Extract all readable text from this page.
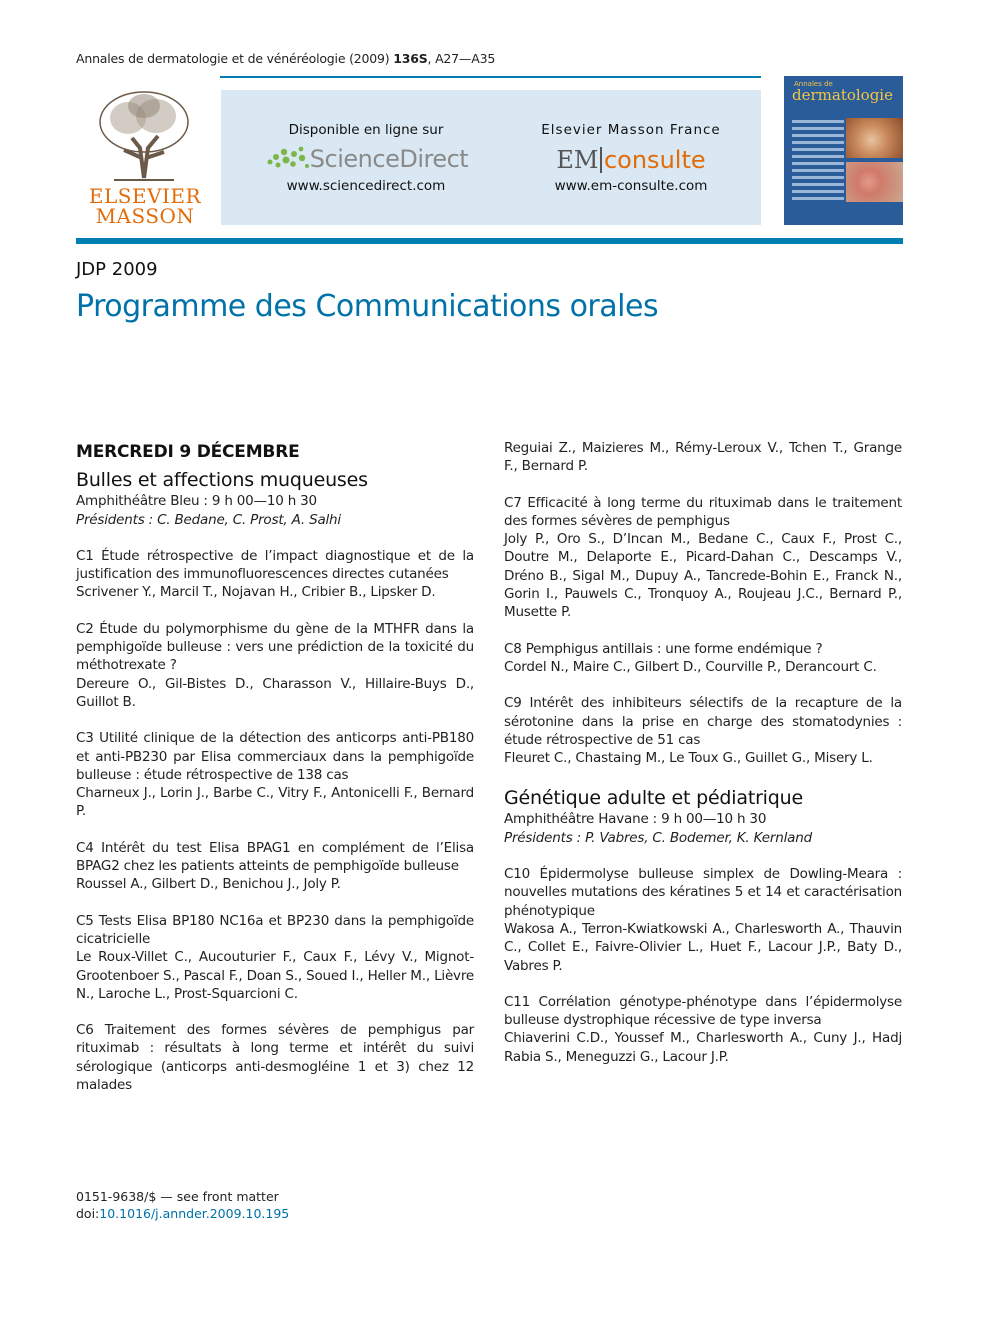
Annales de dermatologie et de vénéréologie (2009) 136S, A27—A35
ELSEVIER
MASSON
Disponible en ligne sur
ScienceDirect
www.sciencedirect.com
Elsevier Masson France
EM consulte
www.em-consulte.com
Annales de
dermatologie
JDP 2009
Programme des Communications orales
MERCREDI 9 DÉCEMBRE
Bulles et affections muqueuses
Amphithéâtre Bleu : 9 h 00—10 h 30
Présidents : C. Bedane, C. Prost, A. Salhi

C1 Étude rétrospective de l’impact diagnostique et de la justification des immunofluorescences directes cutanées

Scrivener Y., Marcil T., Nojavan H., Cribier B., Lipsker D.

C2 Étude du polymorphisme du gène de la MTHFR dans la pemphigoïde bulleuse : vers une prédiction de la toxicité du méthotrexate ?

Dereure O., Gil-Bistes D., Charasson V., Hillaire-Buys D., Guillot B.

C3 Utilité clinique de la détection des anticorps anti-PB180 et anti-PB230 par Elisa commerciaux dans la pemphigoïde bulleuse : étude rétrospective de 138 cas

Charneux J., Lorin J., Barbe C., Vitry F., Antonicelli F., Bernard P.

C4 Intérêt du test Elisa BPAG1 en complément de l’Elisa BPAG2 chez les patients atteints de pemphigoïde bulleuse

Roussel A., Gilbert D., Benichou J., Joly P.

C5 Tests Elisa BP180 NC16a et BP230 dans la pemphigoïde cicatricielle

Le Roux-Villet C., Aucouturier F., Caux F., Lévy V., Mignot-Grootenboer S., Pascal F., Doan S., Soued I., Heller M., Lièvre N., Laroche L., Prost-Squarcioni C.

C6 Traitement des formes sévères de pemphigus par rituximab : résultats à long terme et intérêt du suivi sérologique (anticorps anti-desmogléine 1 et 3) chez 12 malades

Reguiai Z., Maizieres M., Rémy-Leroux V., Tchen T., Grange F., Bernard P.

C7 Efficacité à long terme du rituximab dans le traitement des formes sévères de pemphigus

Joly P., Oro S., D’Incan M., Bedane C., Caux F., Prost C., Doutre M., Delaporte E., Picard-Dahan C., Descamps V., Dréno B., Sigal M., Dupuy A., Tancrede-Bohin E., Franck N., Gorin I., Pauwels C., Tronquoy A., Roujeau J.C., Bernard P., Musette P.

C8 Pemphigus antillais : une forme endémique ?

Cordel N., Maire C., Gilbert D., Courville P., Derancourt C.

C9 Intérêt des inhibiteurs sélectifs de la recapture de la sérotonine dans la prise en charge des stomatodynies : étude rétrospective de 51 cas

Fleuret C., Chastaing M., Le Toux G., Guillet G., Misery L.

Génétique adulte et pédiatrique
Amphithéâtre Havane : 9 h 00—10 h 30
Présidents : P. Vabres, C. Bodemer, K. Kernland

C10 Épidermolyse bulleuse simplex de Dowling-Meara : nouvelles mutations des kératines 5 et 14 et caractérisation phénotypique

Wakosa A., Terron-Kwiatkowski A., Charlesworth A., Thauvin C., Collet E., Faivre-Olivier L., Huet F., Lacour J.P., Baty D., Vabres P.

C11 Corrélation génotype-phénotype dans l’épidermolyse bulleuse dystrophique récessive de type inversa

Chiaverini C.D., Youssef M., Charlesworth A., Cuny J., Hadj Rabia S., Meneguzzi G., Lacour J.P.

0151-9638/$ — see front matter
doi:10.1016/j.annder.2009.10.195
